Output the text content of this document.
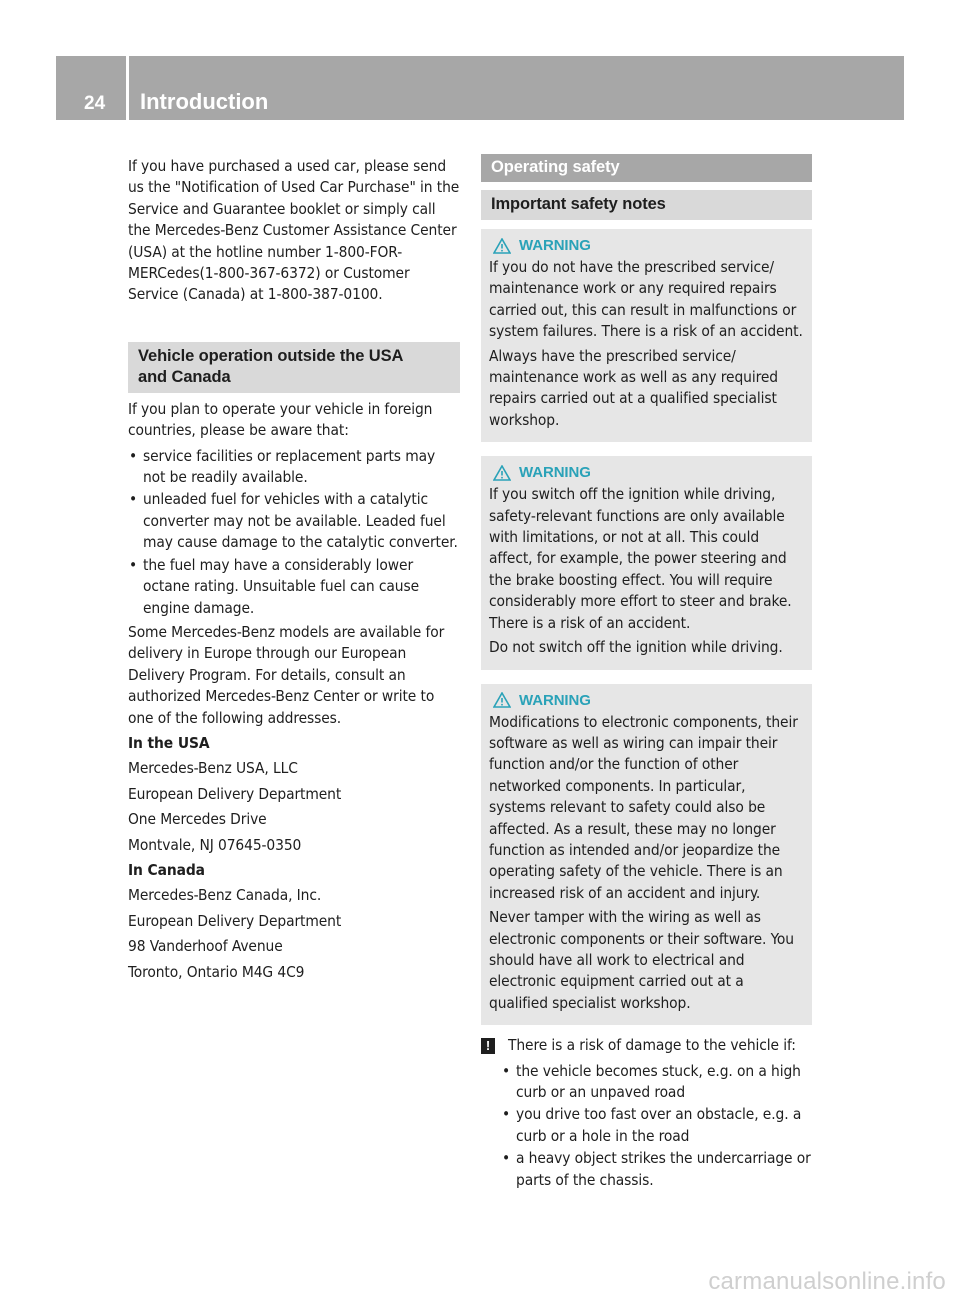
24 Introduction

If you have purchased a used car, please send us the "Notification of Used Car Purchase" in the Service and Guarantee booklet or simply call the Mercedes-Benz Customer Assistance Center (USA) at the hotline number 1-800-FOR-MERCedes(1-800-367-6372) or Customer Service (Canada) at 1-800-387-0100.

Vehicle operation outside the USA
and Canada

If you plan to operate your vehicle in foreign countries, please be aware that:

• service facilities or replacement parts may not be readily available.
• unleaded fuel for vehicles with a catalytic converter may not be available. Leaded fuel may cause damage to the catalytic converter.
• the fuel may have a considerably lower octane rating. Unsuitable fuel can cause engine damage.

Some Mercedes-Benz models are available for delivery in Europe through our European Delivery Program. For details, consult an authorized Mercedes-Benz Center or write to one of the following addresses.

In the USA

Mercedes-Benz USA, LLC

European Delivery Department

One Mercedes Drive

Montvale, NJ 07645-0350

In Canada

Mercedes-Benz Canada, Inc.

European Delivery Department

98 Vanderhoof Avenue

Toronto, Ontario M4G 4C9

Operating safety
Important safety notes
WARNING

If you do not have the prescribed service/ maintenance work or any required repairs carried out, this can result in malfunctions or system failures. There is a risk of an accident.

Always have the prescribed service/ maintenance work as well as any required repairs carried out at a qualified specialist workshop.

WARNING

If you switch off the ignition while driving, safety-relevant functions are only available with limitations, or not at all. This could affect, for example, the power steering and the brake boosting effect. You will require considerably more effort to steer and brake. There is a risk of an accident.

Do not switch off the ignition while driving.

WARNING

Modifications to electronic components, their software as well as wiring can impair their function and/or the function of other networked components. In particular, systems relevant to safety could also be affected. As a result, these may no longer function as intended and/or jeopardize the operating safety of the vehicle. There is an increased risk of an accident and injury.

Never tamper with the wiring as well as electronic components or their software. You should have all work to electrical and electronic equipment carried out at a qualified specialist workshop.

!	There is a risk of damage to the vehicle if:
• the vehicle becomes stuck, e.g. on a high curb or an unpaved road
• you drive too fast over an obstacle, e.g. a curb or a hole in the road
• a heavy object strikes the undercarriage or parts of the chassis.
carmanualsonline.info
